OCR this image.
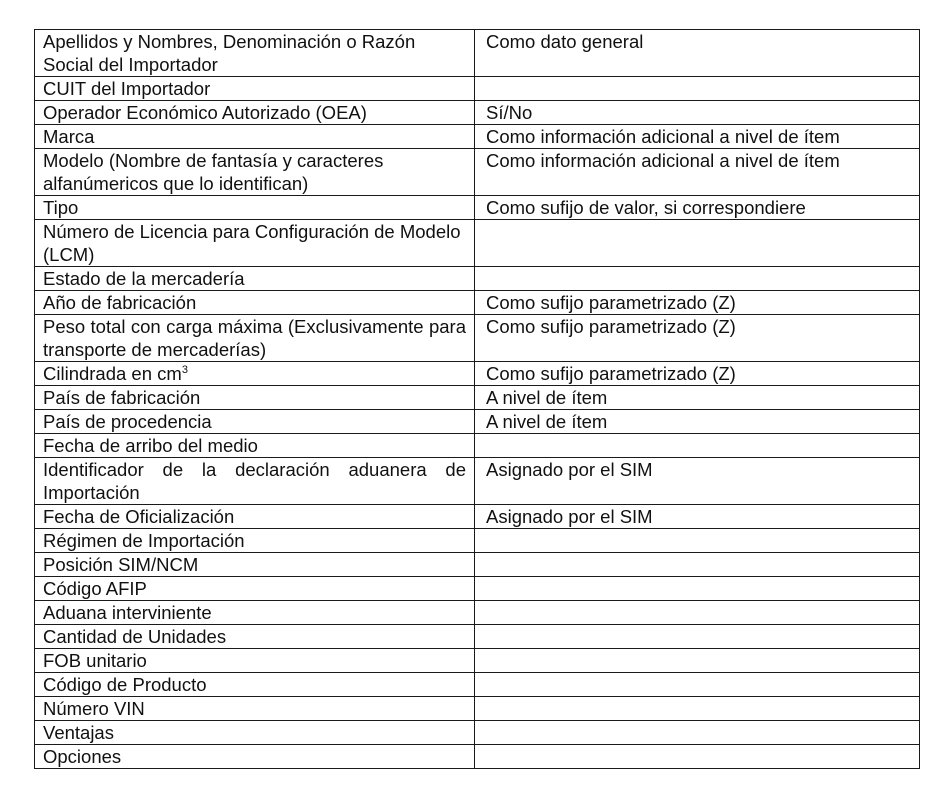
Apellidos y Nombres, Denominación o Razón Social del Importador	Como dato general
CUIT del Importador	
Operador Económico Autorizado (OEA)	Sí/No
Marca	Como información adicional a nivel de ítem
Modelo (Nombre de fantasía y caracteres alfanúmericos que lo identifican)	Como información adicional a nivel de ítem
Tipo	Como sufijo de valor, si correspondiere
Número de Licencia para Configuración de Modelo (LCM)	
Estado de la mercadería	
Año de fabricación	Como sufijo parametrizado (Z)
Peso total con carga máxima (Exclusivamente para transporte de mercaderías)	Como sufijo parametrizado (Z)
Cilindrada en $cm^3$	Como sufijo parametrizado (Z)
País de fabricación	A nivel de ítem
País de procedencia	A nivel de ítem
Fecha de arribo del medio	
Identificador de la declaración aduanera de Importación	Asignado por el SIM
Fecha de Oficialización	Asignado por el SIM
Régimen de Importación	
Posición SIM/NCM	
Código AFIP	
Aduana interviniente	
Cantidad de Unidades	
FOB unitario	
Código de Producto	
Número VIN	
Ventajas	
Opciones	
